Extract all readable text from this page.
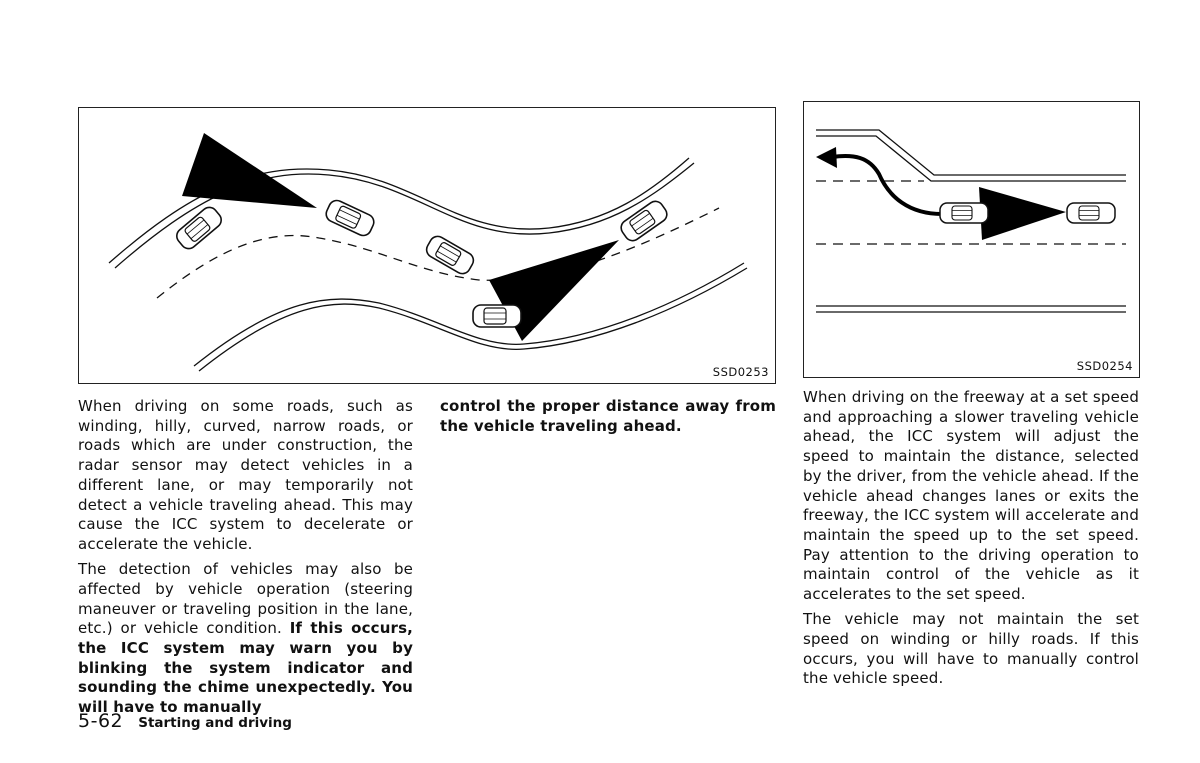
SSD0253	SSD0254

When driving on some roads, such as winding, hilly, curved, narrow roads, or roads which are under construction, the radar sensor may detect vehicles in a different lane, or may temporarily not detect a vehicle traveling ahead. This may cause the ICC system to decelerate or accelerate the vehicle.

The detection of vehicles may also be affected by vehicle operation (steering maneuver or traveling position in the lane, etc.) or vehicle condition. If this occurs, the ICC system may warn you by blinking the system indicator and sounding the chime unexpectedly. You will have to manually

control the proper distance away from the vehicle traveling ahead.

When driving on the freeway at a set speed and approaching a slower traveling vehicle ahead, the ICC system will adjust the speed to maintain the distance, selected by the driver, from the vehicle ahead. If the vehicle ahead changes lanes or exits the freeway, the ICC system will accelerate and maintain the speed up to the set speed. Pay attention to the driving operation to maintain control of the vehicle as it accelerates to the set speed.

The vehicle may not maintain the set speed on winding or hilly roads. If this occurs, you will have to manually control the vehicle speed.

5-62 Starting and driving
